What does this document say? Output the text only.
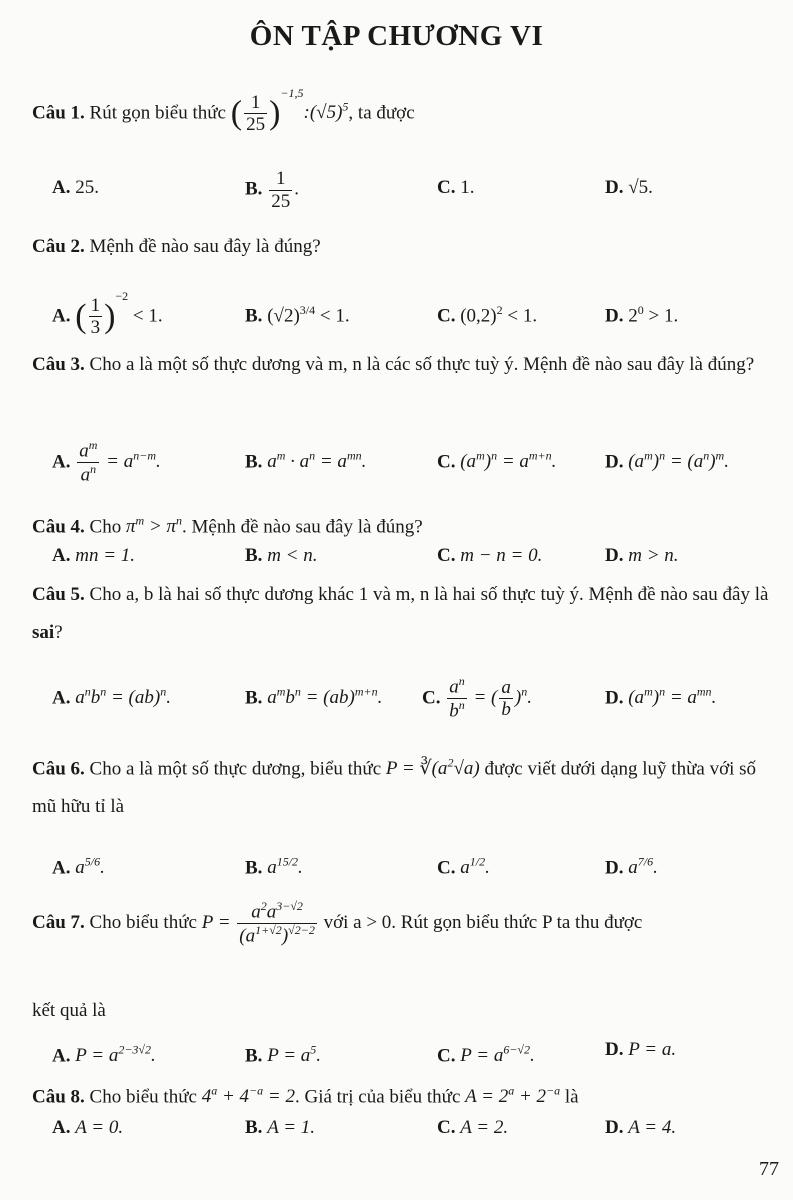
ÔN TẬP CHƯƠNG VI
Câu 1. Rút gọn biểu thức ( $\frac{1}{25}$ )$^{-1,5}:(√5)^5$, ta được
A. 25.	B. $\frac{1}{25}$ .	C. 1.	D. √5.
Câu 2. Mệnh đề nào sau đây là đúng?
A. ( $\frac{1}{3} )^{-2} < 1$.	B. $(√2)^{3/4} < 1$.	C. $(0,2)^2 < 1$.	D. $2^0 > 1$.
Câu 3. Cho a là một số thực dương và m, n là các số thực tuỳ ý. Mệnh đề nào sau đây là đúng?
A. $\frac{a^m}{a^n} = a^{n-m}$.	B. $a^m \cdot a^n = a^{mn}$.	C. $(a^m)^n = a^{m+n}$.	D. $(a^m)^n = (a^n)^m$.
Câu 4. Cho $\pi^m > \pi^n$. Mệnh đề nào sau đây là đúng?
A. mn = 1.	B. m < n.	C. m − n = 0.	D. m > n.
Câu 5. Cho a, b là hai số thực dương khác 1 và m, n là hai số thực tuỳ ý. Mệnh đề nào sau đây là sai?
A. $a^nb^n = (ab)^n$.	B. $a^mb^n = (ab)^{m+n}$. C. $\frac{a^n}{b^n}$ = ( $\frac{a}{b} )^n$.	D. $(a^m)^n = a^{mn}$.
Câu 6. Cho a là một số thực dương, biểu thức $P = ∛(a^2√a)$ được viết dưới dạng luỹ thừa với số mũ hữu tỉ là
A. $a^{5/6}$.	B. $a^{15/2}$.	C. $a^{1/2}$.	D. $a^{7/6}$.
Câu 7. Cho biểu thức $P = \frac{a^2a^{3-√2}}{(a^{1+√2})^{√2-2}}$ với a > 0. Rút gọn biểu thức P ta thu được
kết quả là
A. $P = a^{2-3√2}$.	B. $P = a^5$.	C. $P = a^{6-√2}$.	D. P = a.
Câu 8. Cho biểu thức $4^a + 4^{-a} = 2$. Giá trị của biểu thức $A = 2^a + 2^{-a}$ là
A. A = 0.	B. A = 1.	C. A = 2.	D. A = 4.
77
